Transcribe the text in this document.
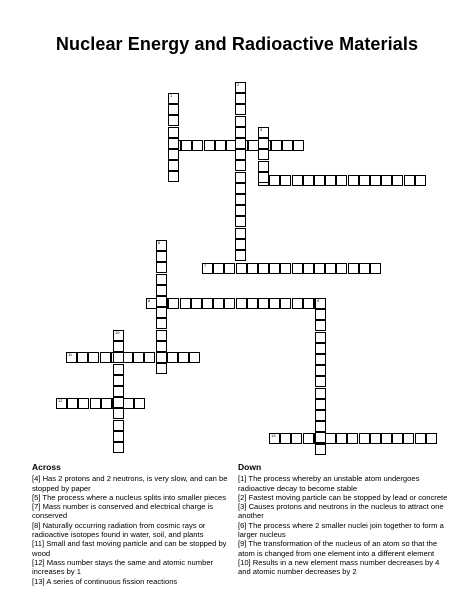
Nuclear Energy and Radioactive Materials
7
8
11
12
13
1
2
3
6
9
10
Across

[4] Has 2 protons and 2 neutrons, is very slow, and can be stopped by paper

[5] The process where a nucleus splits into smaller pieces

[7] Mass number is conserved and electrical charge is conserved

[8] Naturally occurring radiation from cosmic rays or radioactive isotopes found in water, soil, and plants

[11] Small and fast moving particle and can be stopped by wood

[12] Mass number stays the same and atomic number increases by 1

[13] A series of continuous fission reactions

Down

[1] The process whereby an unstable atom undergoes radioactive decay to become stable

[2] Fastest moving particle can be stopped by lead or concrete

[3] Causes protons and neutrons in the nucleus to attract one another

[6] The process where 2 smaller nuclei join together to form a larger nucleus

[9] The transformation of the nucleus of an atom so that the atom is changed from one element into a different element

[10] Results in a new element mass number decreases by 4 and atomic number decreases by 2
